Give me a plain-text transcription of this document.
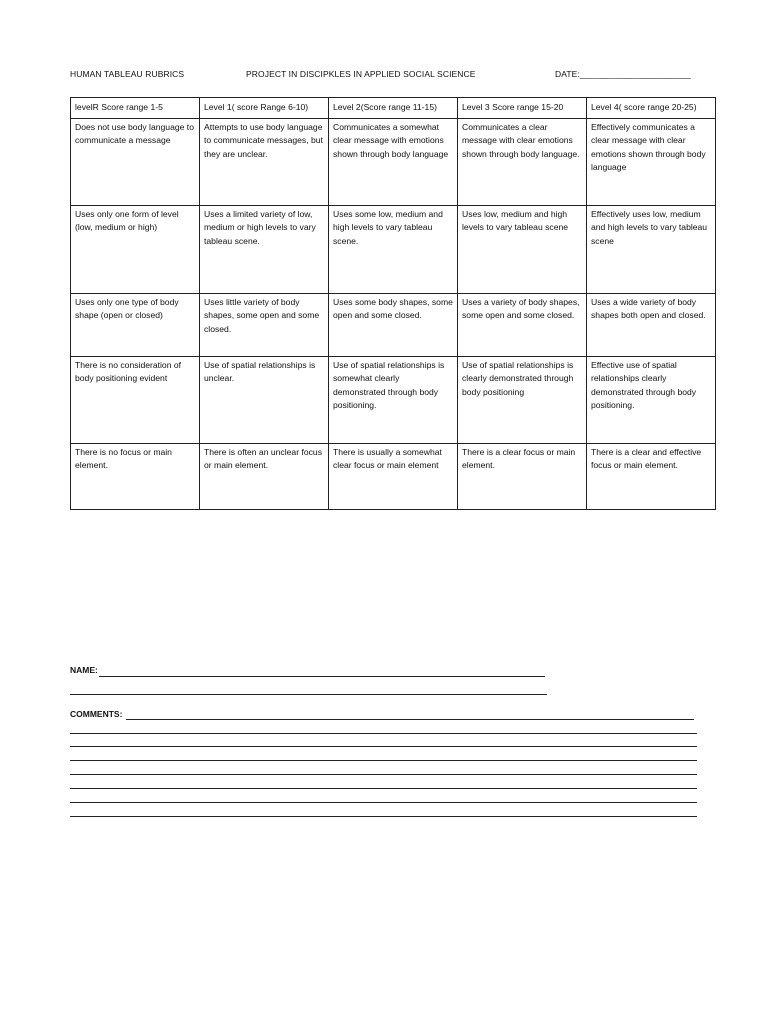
HUMAN TABLEAU RUBRICS	PROJECT IN DISCIPKLES IN APPLIED SOCIAL SCIENCE	DATE:_______________________
levelR Score range 1-5	Level 1( score Range 6-10)	Level 2(Score range 11-15)	Level 3 Score range 15-20	Level 4( score range 20-25)
Does not use body language to communicate a message	Attempts to use body language to communicate messages, but they are unclear.	Communicates a somewhat clear message with emotions shown through body language	Communicates a clear message with clear emotions shown through body language.	Effectively communicates a clear message with clear emotions shown through body language
Uses only one form of level (low, medium or high)	Uses a limited variety of low, medium or high levels to vary tableau scene.	Uses some low, medium and high levels to vary tableau scene.	Uses low, medium and high levels to vary tableau scene	Effectively uses low, medium and high levels to vary tableau scene
Uses only one type of body shape (open or closed)	Uses little variety of body shapes, some open and some closed.	Uses some body shapes, some open and some closed.	Uses a variety of body shapes, some open and some closed.	Uses a wide variety of body shapes both open and closed.
There is no consideration of body positioning evident	Use of spatial relationships is unclear.	Use of spatial relationships is somewhat clearly demonstrated through body positioning.	Use of spatial relationships is clearly demonstrated through body positioning	Effective use of spatial relationships clearly demonstrated through body positioning.
There is no focus or main element.	There is often an unclear focus or main element.	There is usually a somewhat clear focus or main element	There is a clear focus or main element.	There is a clear and effective focus or main element.
NAME:
COMMENTS:
